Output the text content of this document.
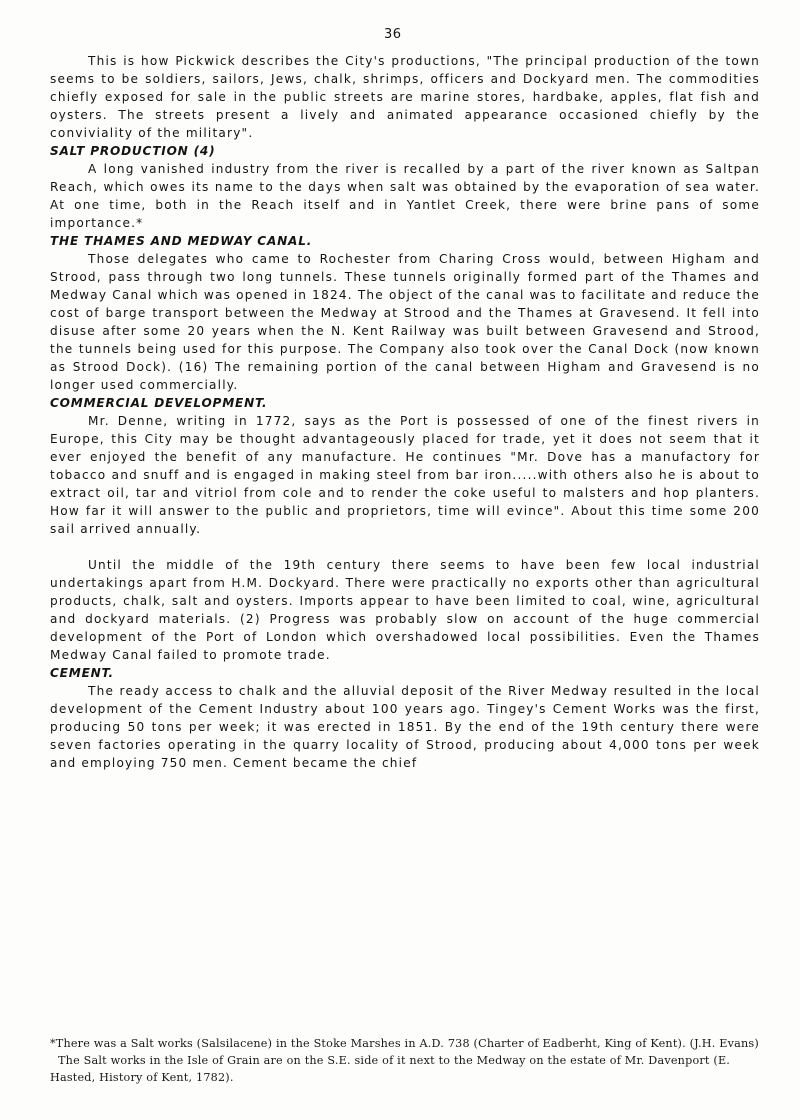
36

This is how Pickwick describes the City's productions, "The principal production of the town seems to be soldiers, sailors, Jews, chalk, shrimps, officers and Dockyard men. The commodities chiefly exposed for sale in the public streets are marine stores, hardbake, apples, flat fish and oysters. The streets present a lively and animated appearance occasioned chiefly by the conviviality of the military".

SALT PRODUCTION (4)

A long vanished industry from the river is recalled by a part of the river known as Saltpan Reach, which owes its name to the days when salt was obtained by the evaporation of sea water. At one time, both in the Reach itself and in Yantlet Creek, there were brine pans of some importance.*

THE THAMES AND MEDWAY CANAL.

Those delegates who came to Rochester from Charing Cross would, between Higham and Strood, pass through two long tunnels. These tunnels originally formed part of the Thames and Medway Canal which was opened in 1824. The object of the canal was to facilitate and reduce the cost of barge transport between the Medway at Strood and the Thames at Gravesend. It fell into disuse after some 20 years when the N. Kent Railway was built between Gravesend and Strood, the tunnels being used for this purpose. The Company also took over the Canal Dock (now known as Strood Dock). (16) The remaining portion of the canal between Higham and Gravesend is no longer used commercially.

COMMERCIAL DEVELOPMENT.

Mr. Denne, writing in 1772, says as the Port is possessed of one of the finest rivers in Europe, this City may be thought advantageously placed for trade, yet it does not seem that it ever enjoyed the benefit of any manufacture. He continues "Mr. Dove has a manufactory for tobacco and snuff and is engaged in making steel from bar iron.....with others also he is about to extract oil, tar and vitriol from cole and to render the coke useful to malsters and hop planters. How far it will answer to the public and proprietors, time will evince". About this time some 200 sail arrived annually.

Until the middle of the 19th century there seems to have been few local industrial undertakings apart from H.M. Dockyard. There were practically no exports other than agricultural products, chalk, salt and oysters. Imports appear to have been limited to coal, wine, agricultural and dockyard materials. (2) Progress was probably slow on account of the huge commercial development of the Port of London which overshadowed local possibilities. Even the Thames Medway Canal failed to promote trade.

CEMENT.

The ready access to chalk and the alluvial deposit of the River Medway resulted in the local development of the Cement Industry about 100 years ago. Tingey's Cement Works was the first, producing 50 tons per week; it was erected in 1851. By the end of the 19th century there were seven factories operating in the quarry locality of Strood, producing about 4,000 tons per week and employing 750 men. Cement became the chief

*There was a Salt works (Salsilacene) in the Stoke Marshes in A.D. 738 (Charter of Eadberht, King of Kent). (J.H. Evans)

The Salt works in the Isle of Grain are on the S.E. side of it next to the Medway on the estate of Mr. Davenport (E. Hasted, History of Kent, 1782).
